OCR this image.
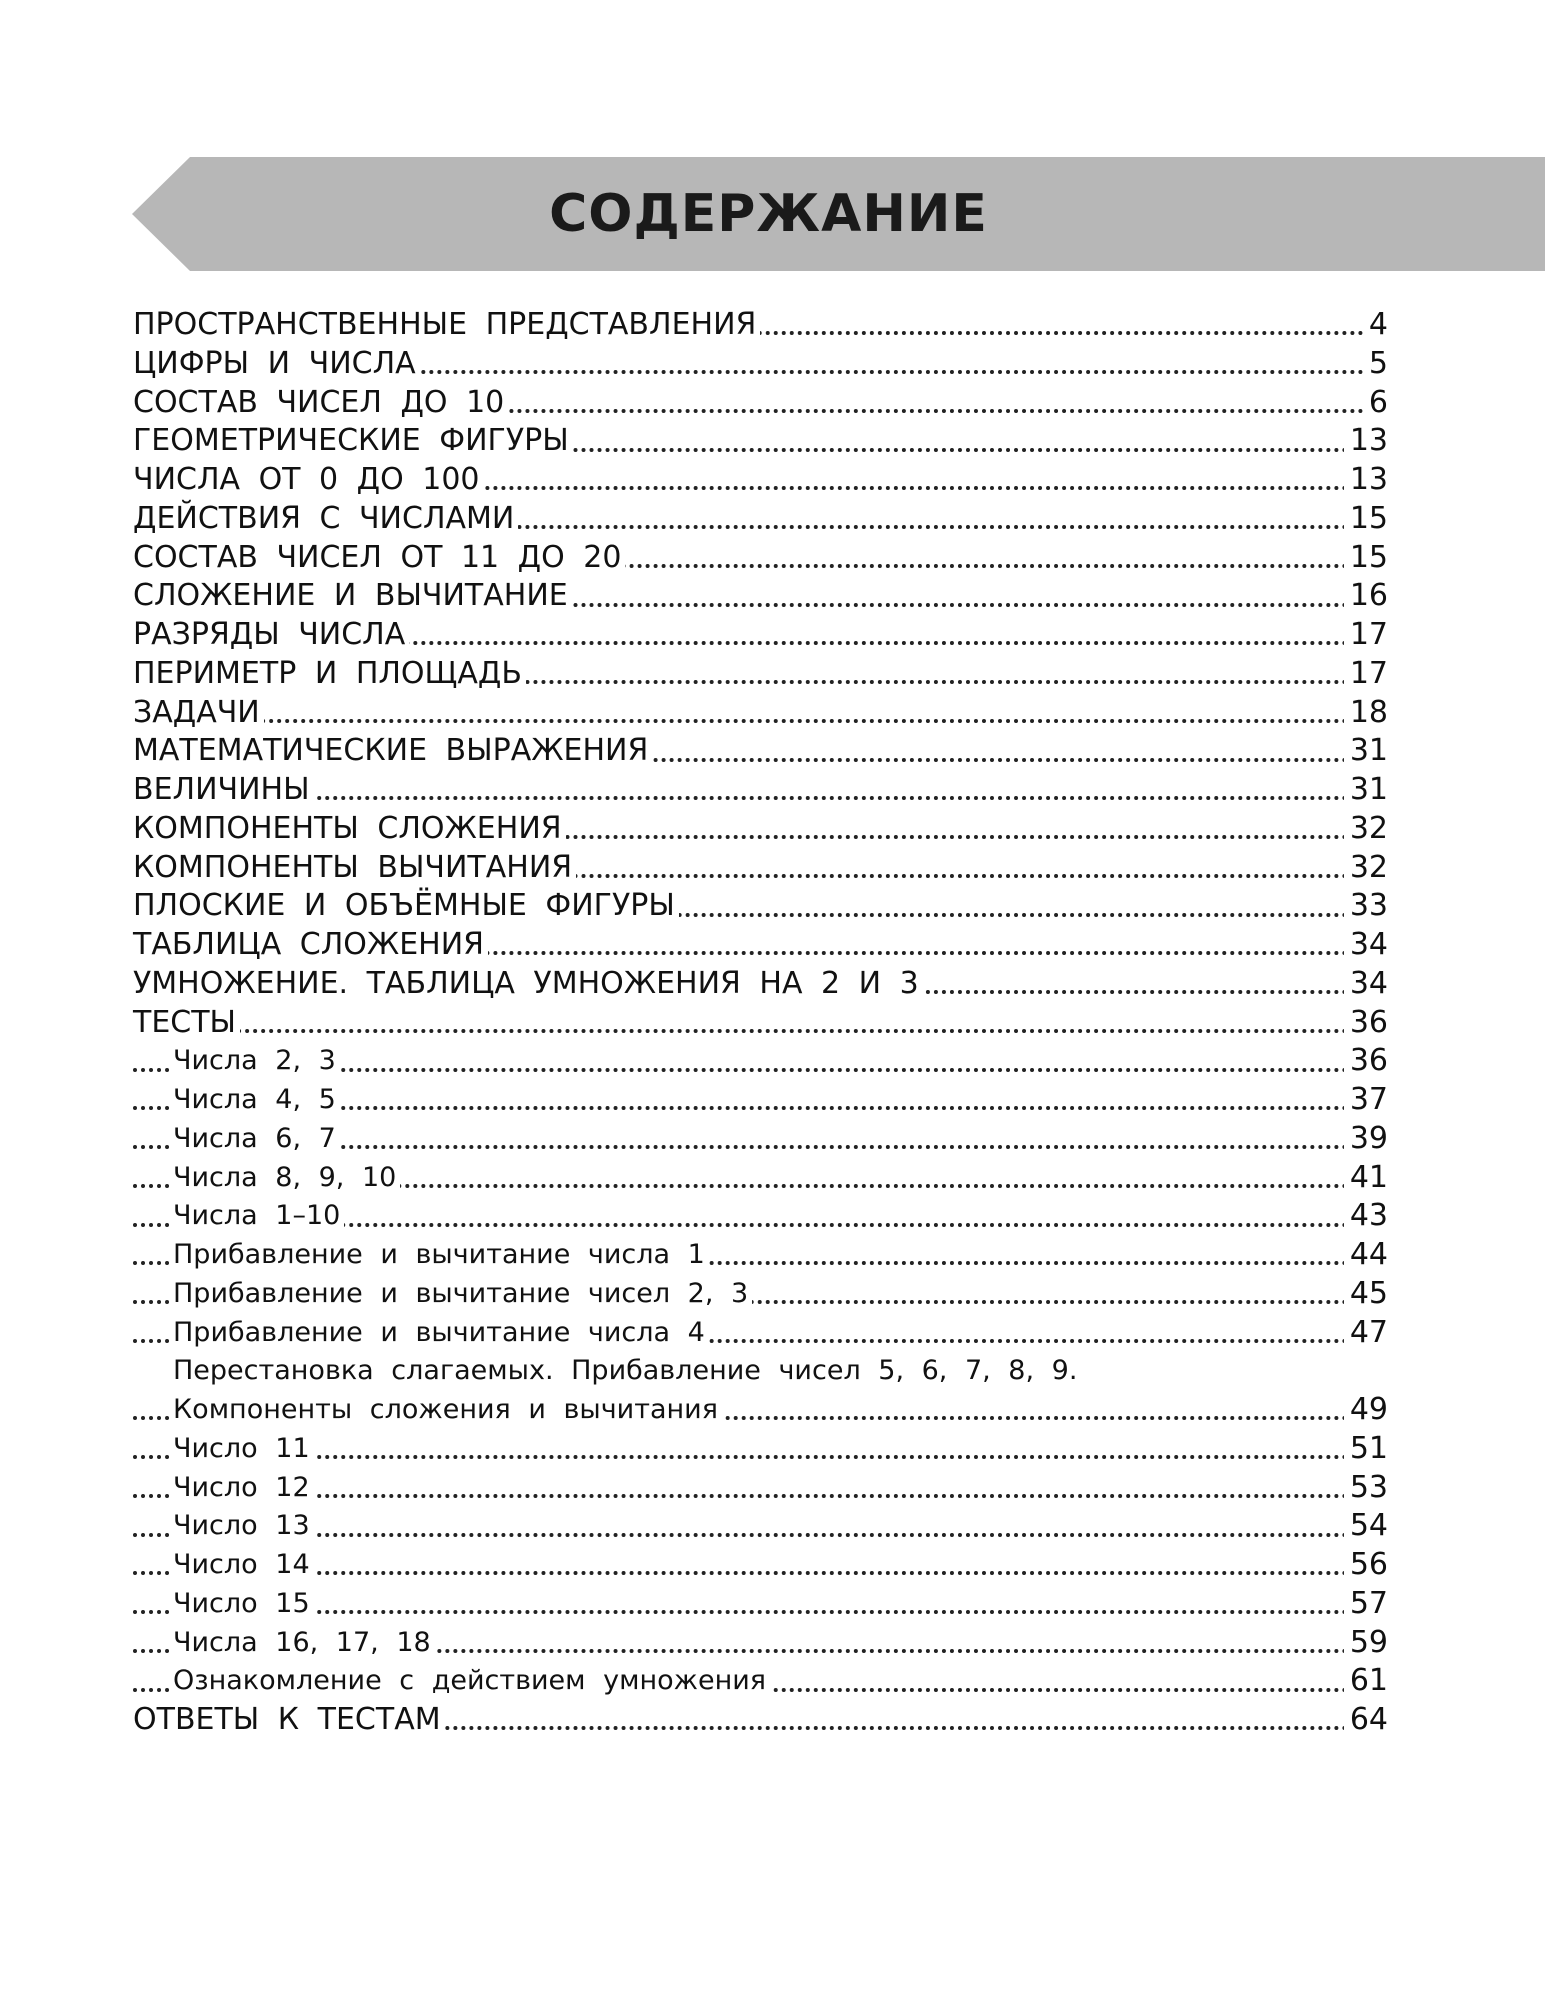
СОДЕРЖАНИЕ
ПРОСТРАНСТВЕННЫЕ ПРЕДСТАВЛЕНИЯ	4
ЦИФРЫ И ЧИСЛА	5
СОСТАВ ЧИСЕЛ ДО 10	6
ГЕОМЕТРИЧЕСКИЕ ФИГУРЫ	13
ЧИСЛА ОТ 0 ДО 100	13
ДЕЙСТВИЯ С ЧИСЛАМИ	15
СОСТАВ ЧИСЕЛ ОТ 11 ДО 20	15
СЛОЖЕНИЕ И ВЫЧИТАНИЕ	16
РАЗРЯДЫ ЧИСЛА	17
ПЕРИМЕТР И ПЛОЩАДЬ	17
ЗАДАЧИ	18
МАТЕМАТИЧЕСКИЕ ВЫРАЖЕНИЯ	31
ВЕЛИЧИНЫ	31
КОМПОНЕНТЫ СЛОЖЕНИЯ	32
КОМПОНЕНТЫ ВЫЧИТАНИЯ	32
ПЛОСКИЕ И ОБЪЁМНЫЕ ФИГУРЫ	33
ТАБЛИЦА СЛОЖЕНИЯ	34
УМНОЖЕНИЕ. ТАБЛИЦА УМНОЖЕНИЯ НА 2 И 3	34
ТЕСТЫ	36
Числа 2, 3	36
Числа 4, 5	37
Числа 6, 7	39
Числа 8, 9, 10	41
Числа 1–10	43
Прибавление и вычитание числа 1	44
Прибавление и вычитание чисел 2, 3	45
Прибавление и вычитание числа 4	47
Перестановка слагаемых. Прибавление чисел 5, 6, 7, 8, 9.
Компоненты сложения и вычитания	49
Число 11	51
Число 12	53
Число 13	54
Число 14	56
Число 15	57
Числа 16, 17, 18	59
Ознакомление с действием умножения	61
ОТВЕТЫ К ТЕСТАМ	64
